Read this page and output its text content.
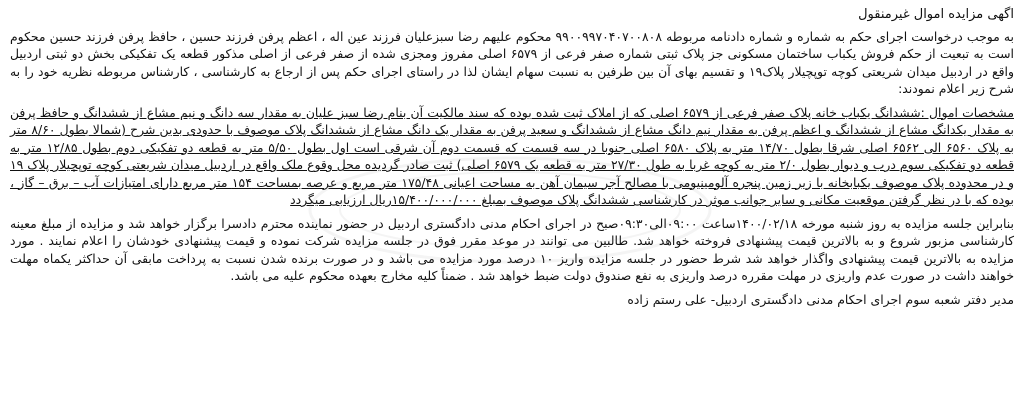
اگهی مزایده اموال غیرمنقول

به موجب درخواست اجرای حکم به شماره و شماره دادنامه مربوطه ۹۹۰۰۹۹۷۰۴۰۷۰۰۸۰۸ محکوم علیهم رضا سبزعلیان فرزند عین اله ، اعظم پرفن فرزند حسین ، حافظ پرفن فرزند حسین محکوم است به تبعیت از حکم فروش یکباب ساختمان مسکونی جز پلاک ثبتی شماره صفر فرعی از ۶۵۷۹ اصلی مفروز ومجزی شده از صفر فرعی از اصلی مذکور قطعه یک تفکیکی بخش دو ثبتی اردبیل واقع در اردبیل میدان شریعتی کوچه توپچیلار پلاک۱۹ و تقسیم بهای آن بین طرفین به نسبت سهام ایشان لذا در راستای اجرای حکم پس از ارجاع به کارشناسی ، کارشناس مربوطه نظریه خود را به شرح زیر اعلام نمودند:

مشخصات اموال :ششدانگ یکباب خانه پلاک صفر فرعی از ۶۵۷۹ اصلی که از املاک ثبت شده بوده که سند مالکیت آن بنام رضا سبز علیان به مقدار سه دانگ و نیم مشاع از ششدانگ و حافظ پرفن به مقدار یکدانگ مشاع از ششدانگ و اعظم پرفن به مقدار نیم دانگ مشاع از ششدانگ و سعید پرفن به مقدار یک دانگ مشاع از ششدانگ پلاک موصوف با حدودی بدین شرح (شمالا بطول ۸/۶۰ متر به پلاک ۶۵۶۰ الی ۶۵۶۲ اصلی شرقا بطول ۱۴/۷۰ متر به پلاک ۶۵۸۰ اصلی جنوبا در سه قسمت که قسمت دوم آن شرقی است اول بطول ۵/۵۰ متر به قطعه دو تفکیکی دوم بطول ۱۲/۸۵ متر به قطعه دو تفکیکی سوم درب و دیوار بطول ۲/۰ متر به کوچه غربا به طول ۲۷/۳۰ متر به قطعه یک ۶۵۷۹ اصلی) ثبت صادر گردیده محل وقوع ملک واقع در اردبیل میدان شریعتی کوچه توپچیلار پلاک ۱۹ و در محدوده پلاک موصوف یکبابخانه با زیر زمین پنجره آلومینیومی با مصالح آجر سیمان آهن به مساحت اعیانی ۱۷۵/۴۸ متر مربع و عرصه بمساحت ۱۵۴ متر مربع دارای امتیازات آب – برق – گاز ، بوده که با در نظر گرفتن موقعیت مکانی و سایر جوانب موثر در کارشناسی ششدانگ پلاک موصوف بمبلغ ۱۵/۴۰۰/۰۰۰/۰۰۰ریال ارزیابی میگردد

بنابراین جلسه مزایده به روز شنبه مورخه ۱۴۰۰/۰۲/۱۸ساعت ۰۹:۰۰الی۰۹:۳۰صبح در اجرای احکام مدنی دادگستری اردبیل در حضور نماینده محترم دادسرا برگزار خواهد شد و مزایده از مبلغ معینه کارشناسی مزبور شروع و به بالاترین قیمت پیشنهادی فروخته خواهد شد. طالبین می توانند در موعد مقرر فوق در جلسه مزایده شرکت نموده و قیمت پیشنهادی خودشان را اعلام نمایند . مورد مزایده به بالاترین قیمت پیشنهادی واگذار خواهد شد شرط حضور در جلسه مزایده واریز ۱۰ درصد مورد مزایده می باشد و در صورت برنده شدن نسبت به پرداخت مابقی آن حداکثر یکماه مهلت خواهند داشت در صورت عدم واریزی در مهلت مقرره درصد واریزی به نفع صندوق دولت ضبط خواهد شد . ضمناً کلیه مخارج بعهده محکوم علیه می باشد.

مدیر دفتر شعبه سوم اجرای احکام مدنی دادگستری اردبیل- علی رستم زاده
